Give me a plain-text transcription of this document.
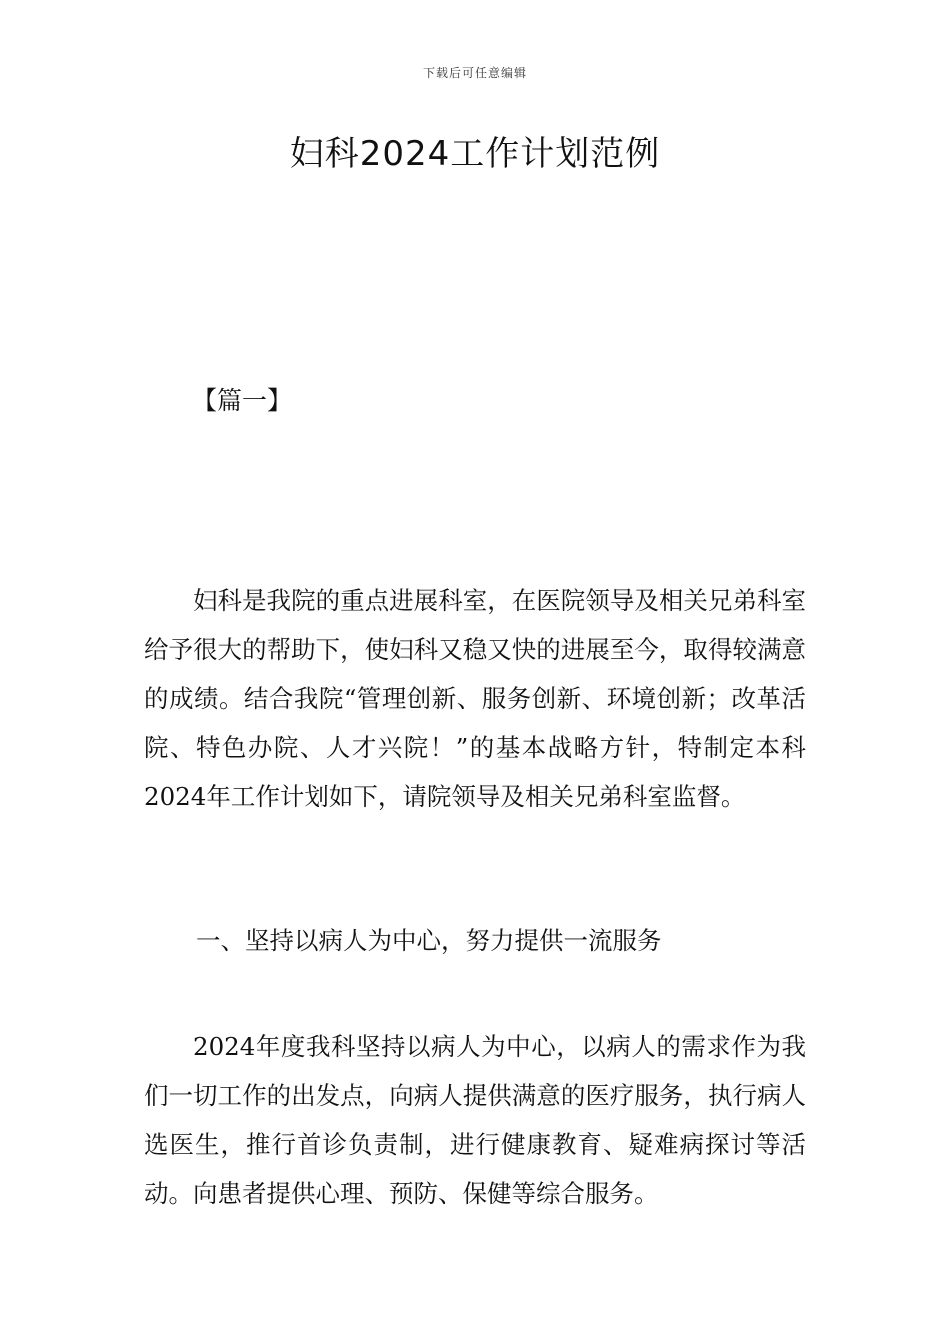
下载后可任意编辑
妇科2024工作计划范例
【篇一】

妇科是我院的重点进展科室，在医院领导及相关兄弟科室给予很大的帮助下，使妇科又稳又快的进展至今，取得较满意的成绩。结合我院“管理创新、服务创新、环境创新；改革活院、特色办院、人才兴院！”的基本战略方针，特制定本科2024年工作计划如下，请院领导及相关兄弟科室监督。

一、坚持以病人为中心，努力提供一流服务

2024年度我科坚持以病人为中心，以病人的需求作为我们一切工作的出发点，向病人提供满意的医疗服务，执行病人选医生，推行首诊负责制，进行健康教育、疑难病探讨等活动。向患者提供心理、预防、保健等综合服务。
